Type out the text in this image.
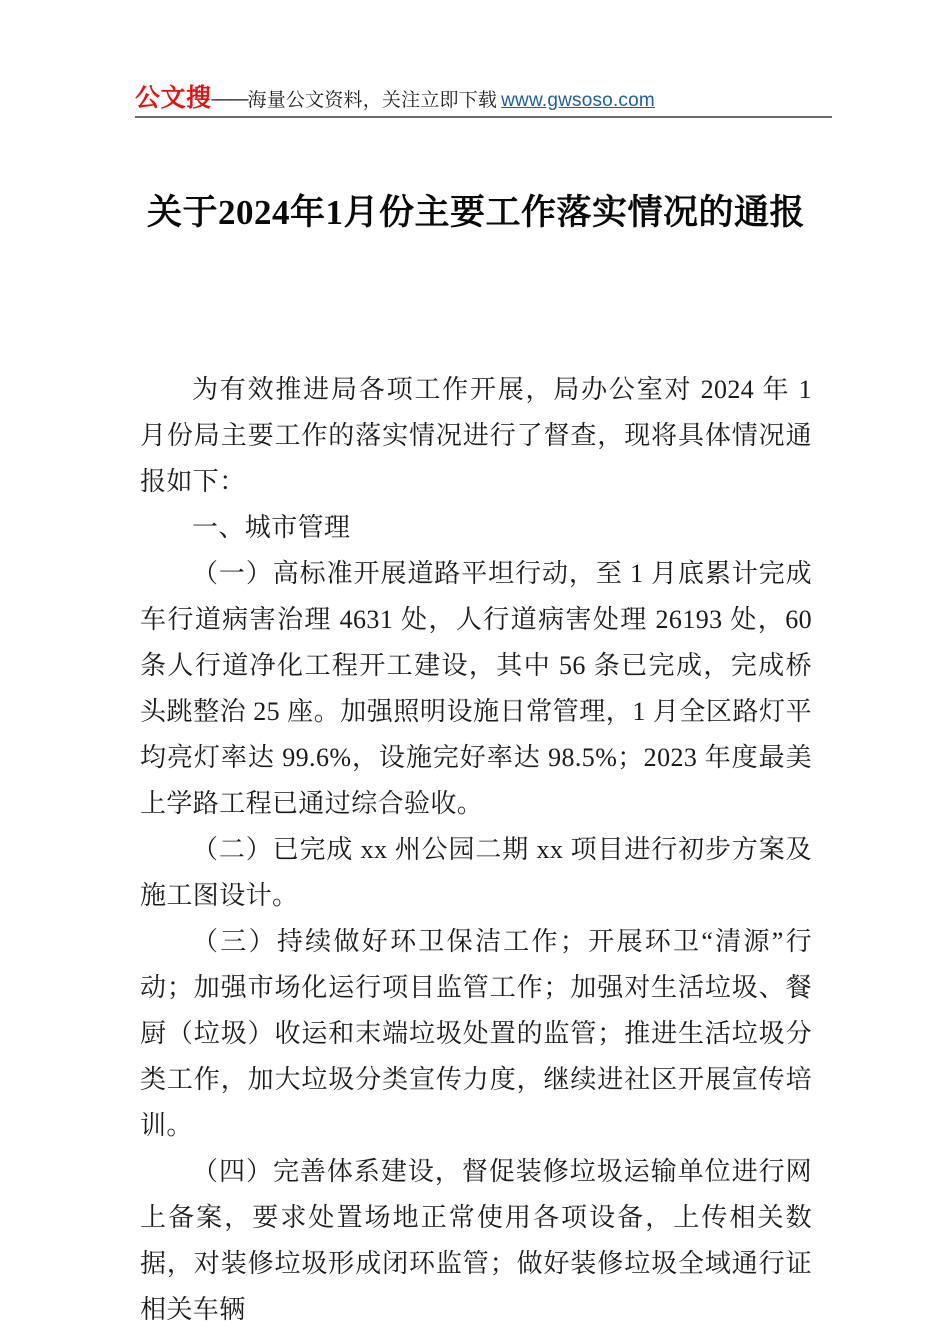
公文搜 —— 海量公文资料，关注立即下载 www.gwsoso.com
关于2024年1月份主要工作落实情况的通报

为有效推进局各项工作开展，局办公室对 2024 年 1 月份局主要工作的落实情况进行了督查，现将具体情况通报如下：

一、城市管理

（一）高标准开展道路平坦行动，至 1 月底累计完成车行道病害治理 4631 处，人行道病害处理 26193 处，60 条人行道净化工程开工建设，其中 56 条已完成，完成桥头跳整治 25 座。加强照明设施日常管理，1 月全区路灯平均亮灯率达 99.6%，设施完好率达 98.5%；2023 年度最美上学路工程已通过综合验收。

（二）已完成 xx 州公园二期 xx 项目进行初步方案及施工图设计。

（三）持续做好环卫保洁工作；开展环卫“清源”行动；加强市场化运行项目监管工作；加强对生活垃圾、餐厨（垃圾）收运和末端垃圾处置的监管；推进生活垃圾分类工作，加大垃圾分类宣传力度，继续进社区开展宣传培训。

（四）完善体系建设，督促装修垃圾运输单位进行网上备案，要求处置场地正常使用各项设备，上传相关数据，对装修垃圾形成闭环监管；做好装修垃圾全域通行证相关车辆
